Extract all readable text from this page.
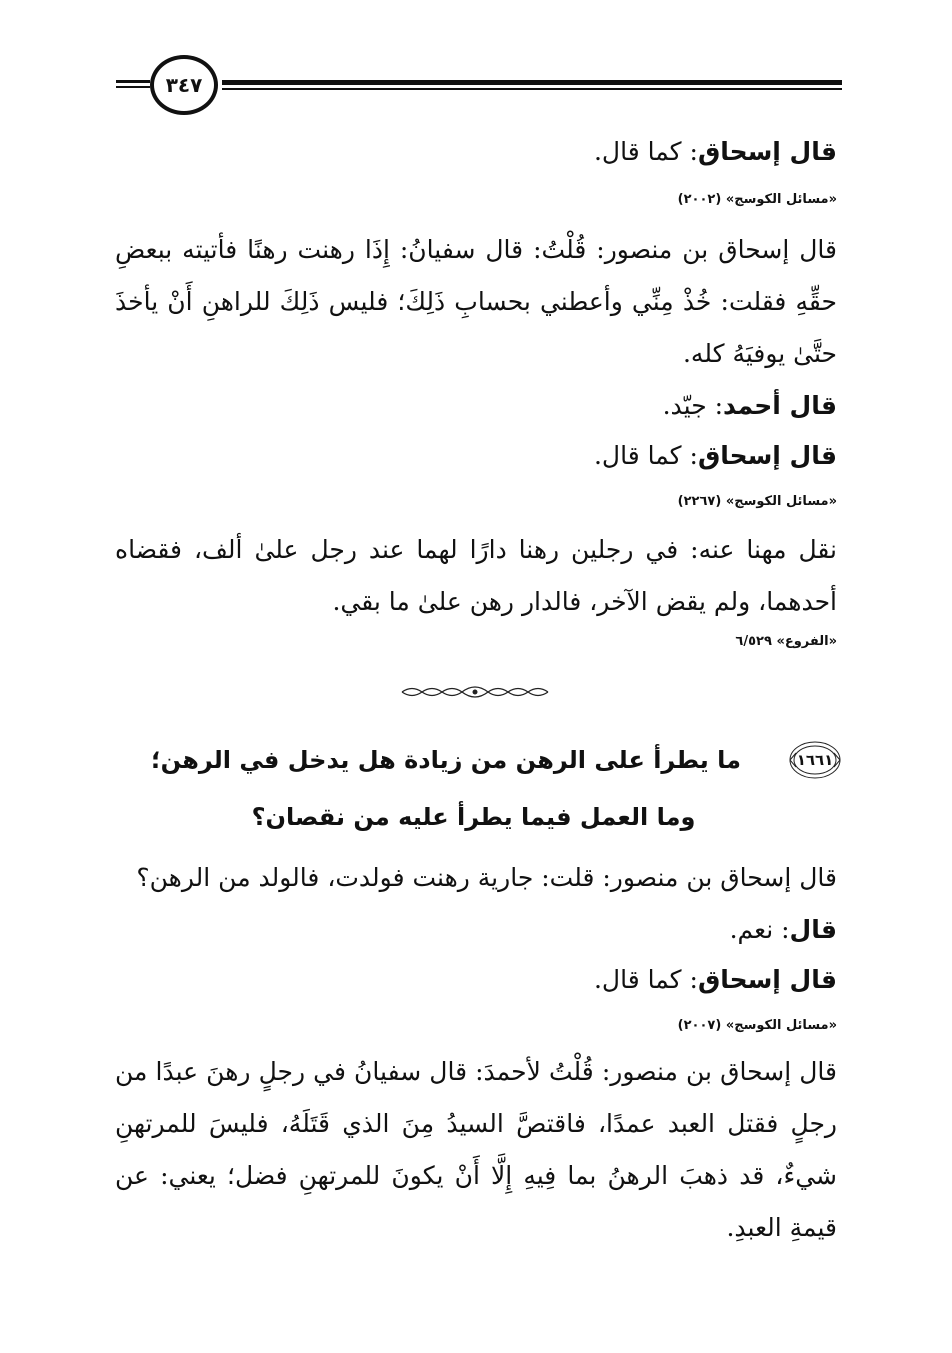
٣٤٧
قال إسحاق: كما قال.
«مسائل الكوسج» (٢٠٠٢)
قال إسحاق بن منصور: قُلْتُ: قال سفيانُ: إِذَا رهنت رهنًا فأتيته ببعضِ حقِّهِ فقلت: خُذْ مِنِّي وأعطني بحسابِ ذَلِكَ؛ فليس ذَلِكَ للراهنِ أَنْ يأخذَ حتَّىٰ يوفيَهُ كله.
قال أحمد: جيّد.
قال إسحاق: كما قال.
«مسائل الكوسج» (٢٢٦٧)
نقل مهنا عنه: في رجلين رهنا دارًا لهما عند رجل علىٰ ألف، فقضاه أحدهما، ولم يقض الآخر، فالدار رهن علىٰ ما بقي.
«الفروع» ٦/٥٢٩
١٦٦١
ما يطرأ على الرهن من زيادة هل يدخل في الرهن؛
وما العمل فيما يطرأ عليه من نقصان؟
قال إسحاق بن منصور: قلت: جارية رهنت فولدت، فالولد من الرهن؟
قال: نعم.
قال إسحاق: كما قال.
«مسائل الكوسج» (٢٠٠٧)
قال إسحاق بن منصور: قُلْتُ لأحمدَ: قال سفيانُ في رجلٍ رهنَ عبدًا من رجلٍ فقتل العبد عمدًا، فاقتصَّ السيدُ مِنَ الذي قَتَلَهُ، فليسَ للمرتهنِ شيءٌ، قد ذهبَ الرهنُ بما فِيهِ إِلَّا أَنْ يكونَ للمرتهنِ فضل؛ يعني: عن قيمةِ العبدِ.
